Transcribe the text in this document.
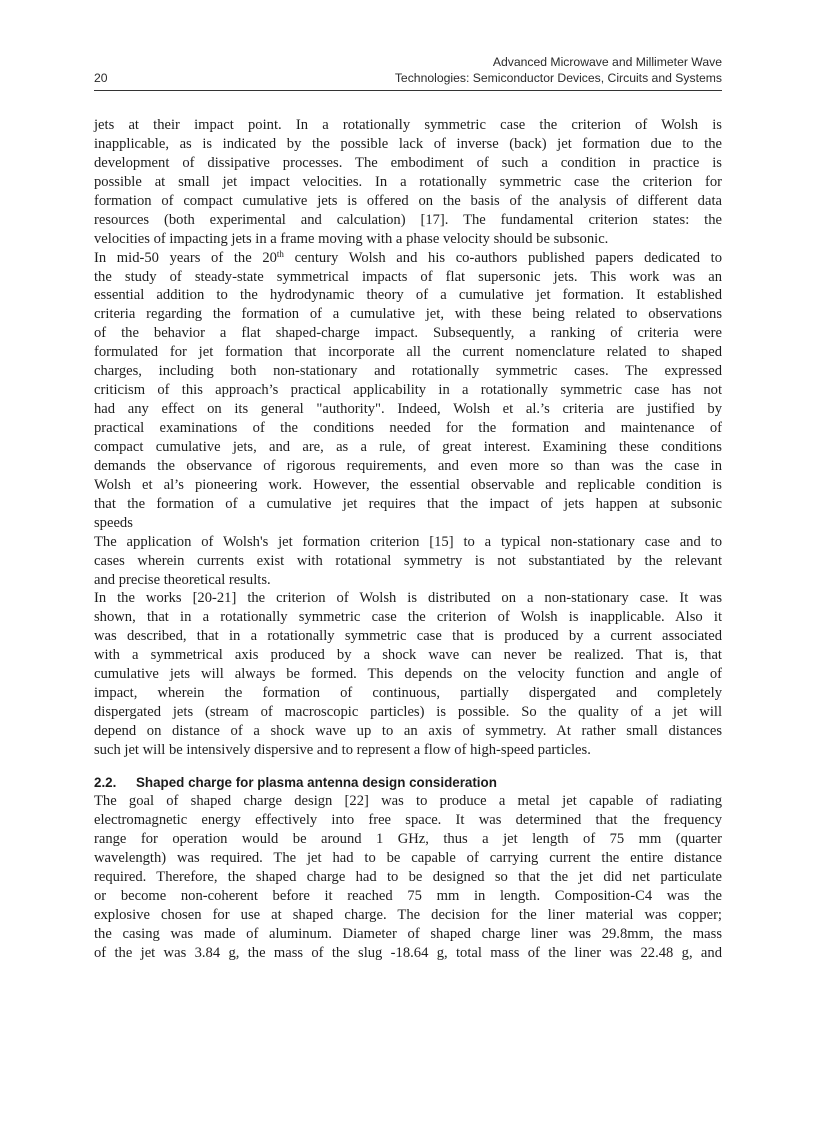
Advanced Microwave and Millimeter Wave
20	Technologies: Semiconductor Devices, Circuits and Systems
jets at their impact point. In a rotationally symmetric case the criterion of Wolsh is
inapplicable, as is indicated by the possible lack of inverse (back) jet formation due to the
development of dissipative processes. The embodiment of such a condition in practice is
possible at small jet impact velocities. In a rotationally symmetric case the criterion for
formation of compact cumulative jets is offered on the basis of the analysis of different data
resources (both experimental and calculation) [17]. The fundamental criterion states: the
velocities of impacting jets in a frame moving with a phase velocity should be subsonic.
In mid-50 years of the 20th century Wolsh and his co-authors published papers dedicated to
the study of steady-state symmetrical impacts of flat supersonic jets. This work was an
essential addition to the hydrodynamic theory of a cumulative jet formation. It established
criteria regarding the formation of a cumulative jet, with these being related to observations
of the behavior a flat shaped-charge impact. Subsequently, a ranking of criteria were
formulated for jet formation that incorporate all the current nomenclature related to shaped
charges, including both non-stationary and rotationally symmetric cases. The expressed
criticism of this approach’s practical applicability in a rotationally symmetric case has not
had any effect on its general "authority". Indeed, Wolsh et al.’s criteria are justified by
practical examinations of the conditions needed for the formation and maintenance of
compact cumulative jets, and are, as a rule, of great interest. Examining these conditions
demands the observance of rigorous requirements, and even more so than was the case in
Wolsh et al’s pioneering work. However, the essential observable and replicable condition is
that the formation of a cumulative jet requires that the impact of jets happen at subsonic
speeds
The application of Wolsh's jet formation criterion [15] to a typical non-stationary case and to
cases wherein currents exist with rotational symmetry is not substantiated by the relevant
and precise theoretical results.
In the works [20-21] the criterion of Wolsh is distributed on a non-stationary case. It was
shown, that in a rotationally symmetric case the criterion of Wolsh is inapplicable. Also it
was described, that in a rotationally symmetric case that is produced by a current associated
with a symmetrical axis produced by a shock wave can never be realized. That is, that
cumulative jets will always be formed. This depends on the velocity function and angle of
impact, wherein the formation of continuous, partially dispergated and completely
dispergated jets (stream of macroscopic particles) is possible. So the quality of a jet will
depend on distance of a shock wave up to an axis of symmetry. At rather small distances
such jet will be intensively dispersive and to represent a flow of high-speed particles.
2.2. Shaped charge for plasma antenna design consideration
The goal of shaped charge design [22] was to produce a metal jet capable of radiating
electromagnetic energy effectively into free space. It was determined that the frequency
range for operation would be around 1 GHz, thus a jet length of 75 mm (quarter
wavelength) was required. The jet had to be capable of carrying current the entire distance
required. Therefore, the shaped charge had to be designed so that the jet did net particulate
or become non-coherent before it reached 75 mm in length. Composition-C4 was the
explosive chosen for use at shaped charge. The decision for the liner material was copper;
the casing was made of aluminum. Diameter of shaped charge liner was 29.8mm, the mass
of the jet was 3.84 g, the mass of the slug -18.64 g, total mass of the liner was 22.48 g, and
